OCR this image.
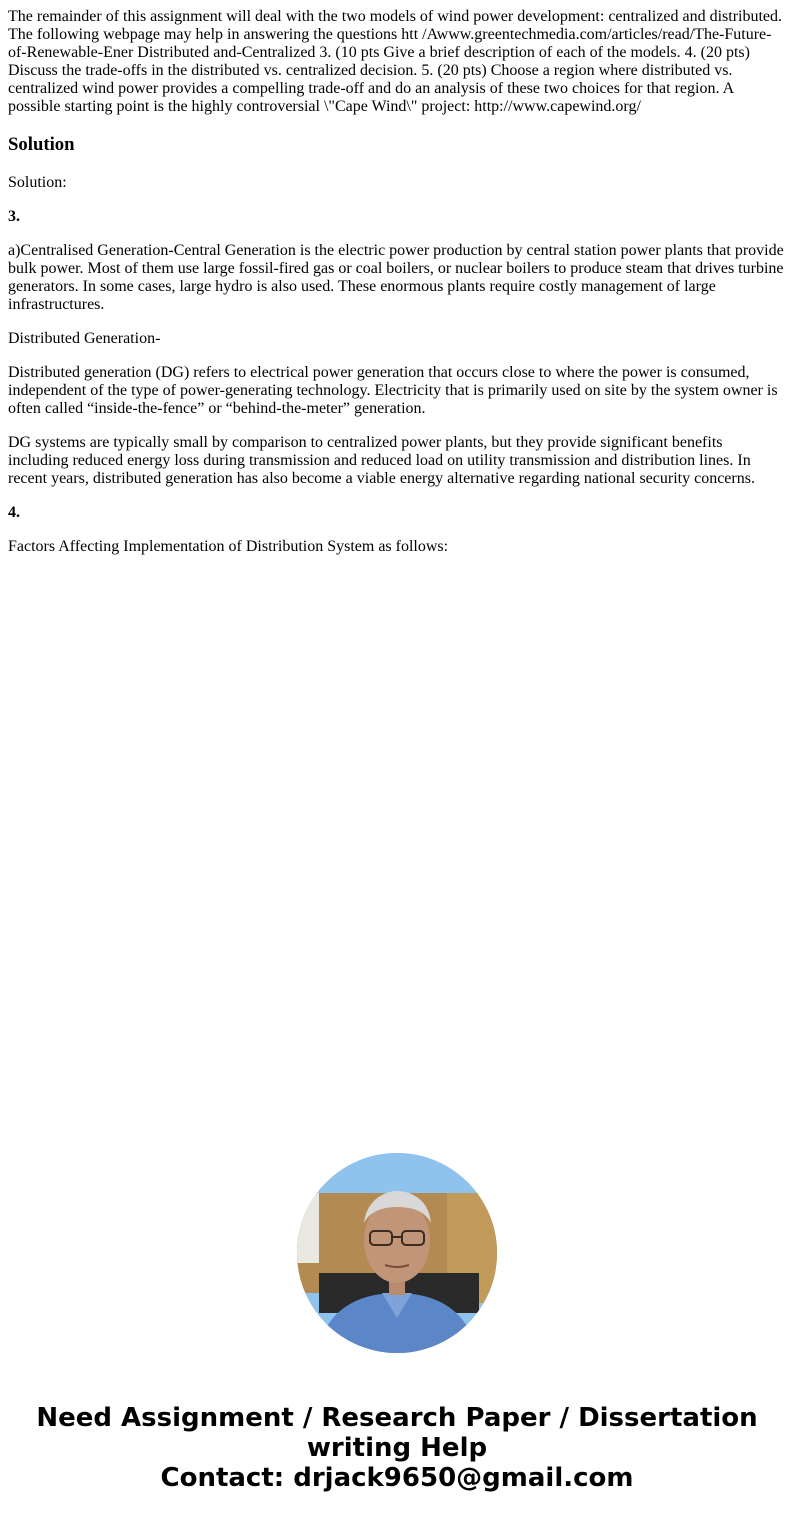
The remainder of this assignment will deal with the two models of wind power development: centralized and distributed. The following webpage may help in answering the questions htt /Awww.greentechmedia.com/articles/read/The-Future-of-Renewable-Ener Distributed and-Centralized 3. (10 pts Give a brief description of each of the models. 4. (20 pts) Discuss the trade-offs in the distributed vs. centralized decision. 5. (20 pts) Choose a region where distributed vs. centralized wind power provides a compelling trade-off and do an analysis of these two choices for that region. A possible starting point is the highly controversial \"Cape Wind\" project: http://www.capewind.org/

Solution

Solution:

3.

a)Centralised Generation-Central Generation is the electric power production by central station power plants that provide bulk power. Most of them use large fossil-fired gas or coal boilers, or nuclear boilers to produce steam that drives turbine generators. In some cases, large hydro is also used. These enormous plants require costly management of large infrastructures.

Distributed Generation-

Distributed generation (DG) refers to electrical power generation that occurs close to where the power is consumed, independent of the type of power-generating technology. Electricity that is primarily used on site by the system owner is often called “inside-the-fence” or “behind-the-meter” generation.

DG systems are typically small by comparison to centralized power plants, but they provide significant benefits including reduced energy loss during transmission and reduced load on utility transmission and distribution lines. In recent years, distributed generation has also become a viable energy alternative regarding national security concerns.

4.

Factors Affecting Implementation of Distribution System as follows:

Need Assignment / Research Paper / Dissertation
writing Help
Contact: drjack9650@gmail.com
